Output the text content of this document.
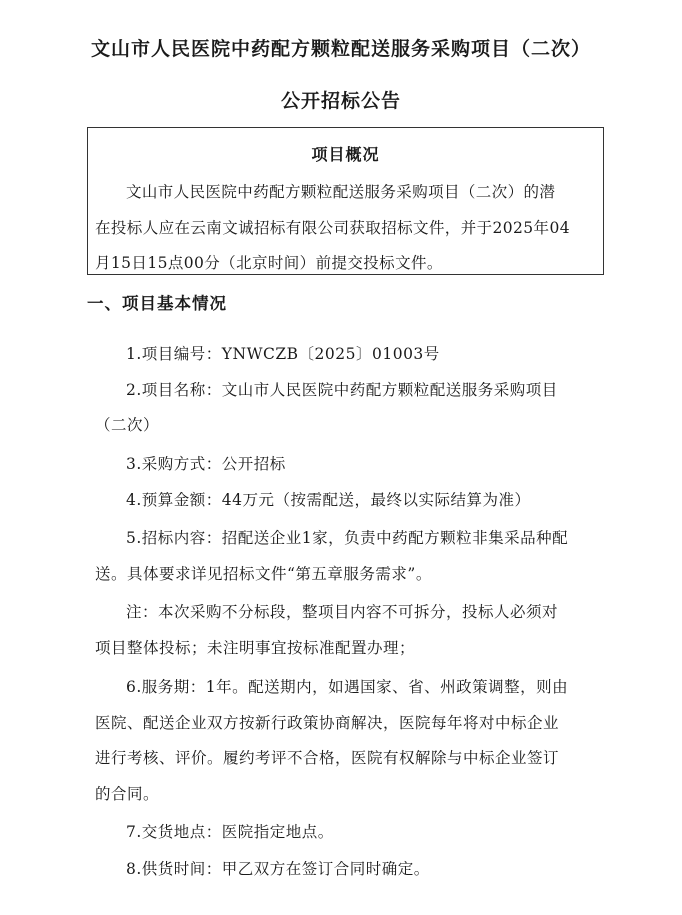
文山市人民医院中药配方颗粒配送服务采购项目（二次）
公开招标公告
项目概况
文山市人民医院中药配方颗粒配送服务采购项目（二次）的潜
在投标人应在云南文诚招标有限公司获取招标文件，并于2025年04
月15日15点00分（北京时间）前提交投标文件。
一、项目基本情况
1.项目编号：YNWCZB〔2025〕01003号
2.项目名称：文山市人民医院中药配方颗粒配送服务采购项目
（二次）
3.采购方式：公开招标
4.预算金额：44万元（按需配送，最终以实际结算为准）
5.招标内容：招配送企业1家，负责中药配方颗粒非集采品种配
送。具体要求详见招标文件“第五章服务需求”。
注：本次采购不分标段，整项目内容不可拆分，投标人必须对
项目整体投标；未注明事宜按标准配置办理；
6.服务期：1年。配送期内，如遇国家、省、州政策调整，则由
医院、配送企业双方按新行政策协商解决，医院每年将对中标企业
进行考核、评价。履约考评不合格，医院有权解除与中标企业签订
的合同。
7.交货地点：医院指定地点。
8.供货时间：甲乙双方在签订合同时确定。
